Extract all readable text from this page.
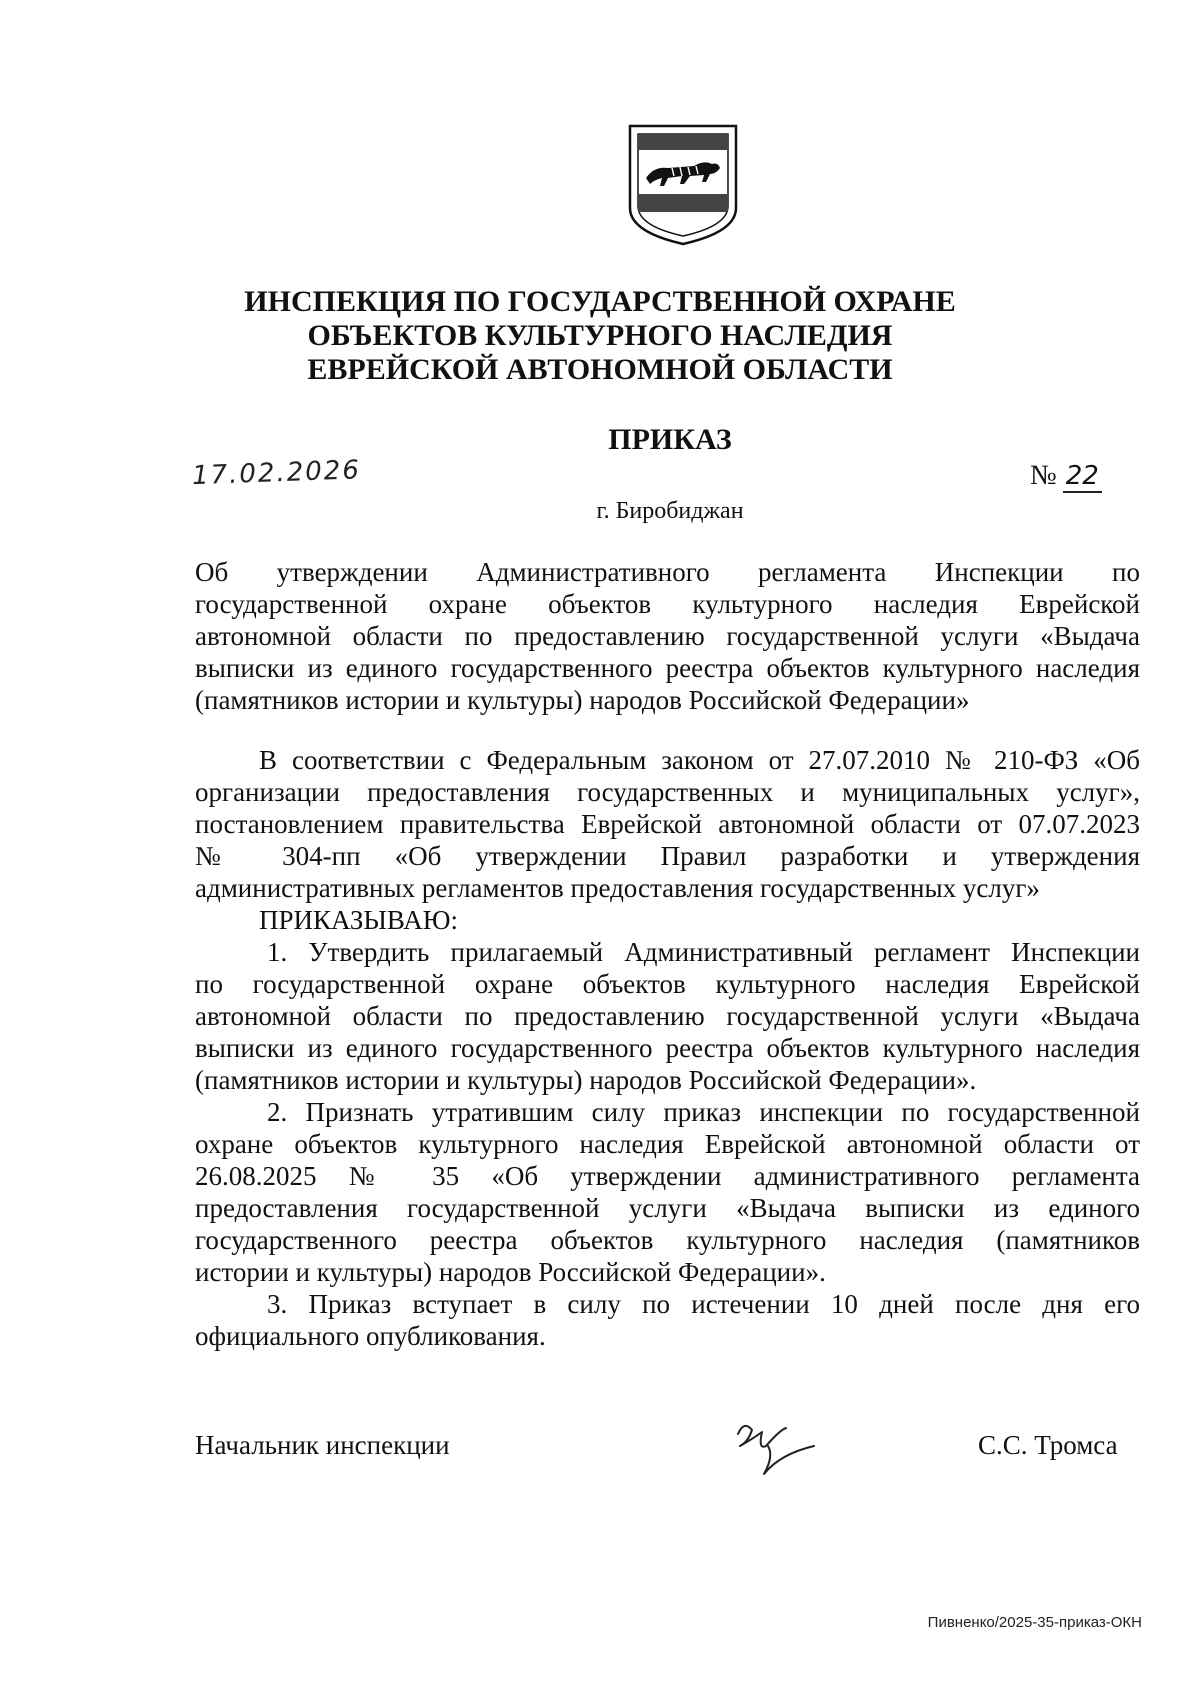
ИНСПЕКЦИЯ ПО ГОСУДАРСТВЕННОЙ ОХРАНЕ
ОБЪЕКТОВ КУЛЬТУРНОГО НАСЛЕДИЯ
ЕВРЕЙСКОЙ АВТОНОМНОЙ ОБЛАСТИ
ПРИКАЗ
17.02.2026	№ 22
г. Биробиджан
Об утверждении Административного регламента Инспекции по
государственной охране объектов культурного наследия Еврейской
автономной области по предоставлению государственной услуги «Выдача
выписки из единого государственного реестра объектов культурного наследия
(памятников истории и культуры) народов Российской Федерации»
В соответствии с Федеральным законом от 27.07.2010 № 210-ФЗ «Об
организации предоставления государственных и муниципальных услуг»,
постановлением правительства Еврейской автономной области от 07.07.2023
№ 304-пп «Об утверждении Правил разработки и утверждения
административных регламентов предоставления государственных услуг»
ПРИКАЗЫВАЮ:
1. Утвердить прилагаемый Административный регламент Инспекции
по государственной охране объектов культурного наследия Еврейской
автономной области по предоставлению государственной услуги «Выдача
выписки из единого государственного реестра объектов культурного наследия
(памятников истории и культуры) народов Российской Федерации».
2. Признать утратившим силу приказ инспекции по государственной
охране объектов культурного наследия Еврейской автономной области от
26.08.2025 № 35 «Об утверждении административного регламента
предоставления государственной услуги «Выдача выписки из единого
государственного реестра объектов культурного наследия (памятников
истории и культуры) народов Российской Федерации».
3. Приказ вступает в силу по истечении 10 дней после дня его
официального опубликования.
Начальник инспекции	С.С. Тромса
Пивненко/2025-35-приказ-ОКН
